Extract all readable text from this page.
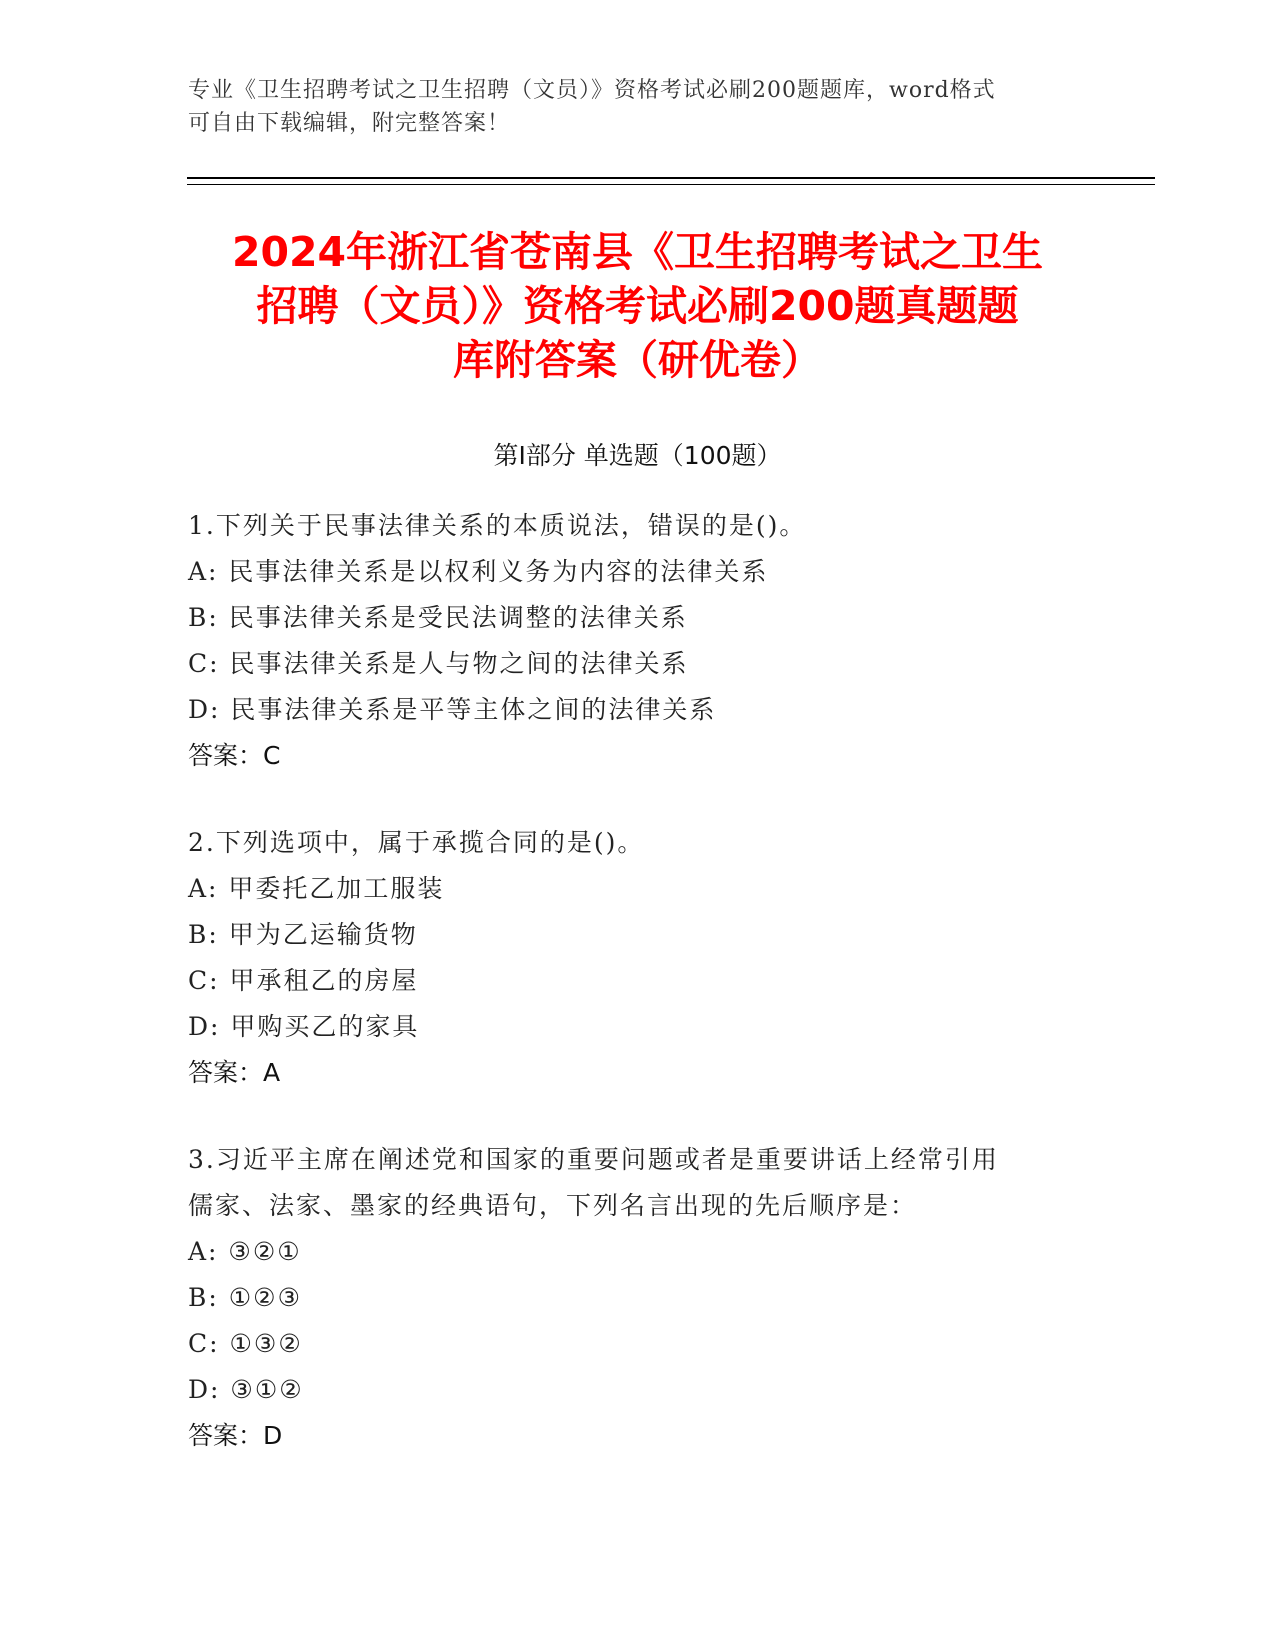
专业《卫生招聘考试之卫生招聘（文员）》资格考试必刷200题题库，word格式
可自由下载编辑，附完整答案！
2024年浙江省苍南县《卫生招聘考试之卫生
招聘（文员）》资格考试必刷200题真题题
库附答案（研优卷）
第Ⅰ部分 单选题（100题）
1.下列关于民事法律关系的本质说法，错误的是()。
A: 民事法律关系是以权利义务为内容的法律关系
B: 民事法律关系是受民法调整的法律关系
C: 民事法律关系是人与物之间的法律关系
D: 民事法律关系是平等主体之间的法律关系
答案：C
2.下列选项中，属于承揽合同的是()。
A: 甲委托乙加工服装
B: 甲为乙运输货物
C: 甲承租乙的房屋
D: 甲购买乙的家具
答案：A
3.习近平主席在阐述党和国家的重要问题或者是重要讲话上经常引用
儒家、法家、墨家的经典语句，下列名言出现的先后顺序是：
A: ③②①
B: ①②③
C: ①③②
D: ③①②
答案：D
